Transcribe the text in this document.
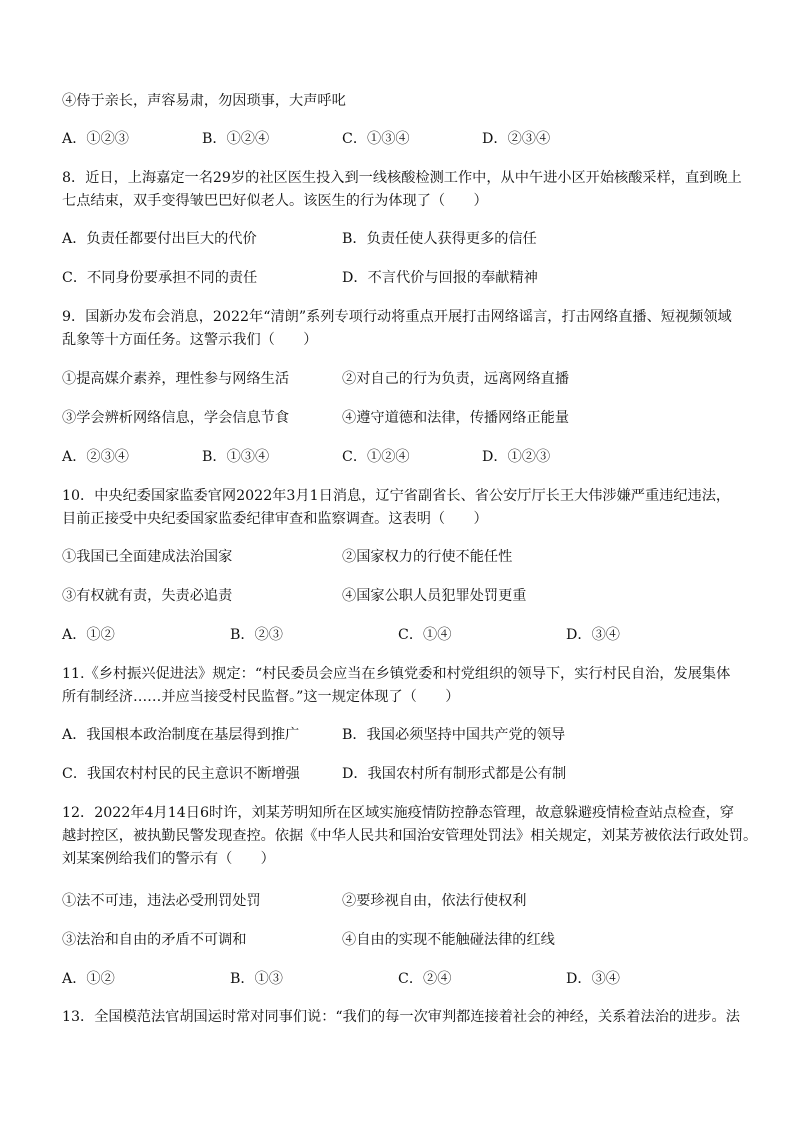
④侍于亲长，声容易肃，勿因琐事，大声呼叱
A．①②③	B．①②④	C．①③④	D．②③④
8．近日，上海嘉定一名29岁的社区医生投入到一线核酸检测工作中，从中午进小区开始核酸采样，直到晚上
七点结束，双手变得皱巴巴好似老人。该医生的行为体现了（　　）
A．负责任都要付出巨大的代价	B．负责任使人获得更多的信任
C．不同身份要承担不同的责任	D．不言代价与回报的奉献精神
9．国新办发布会消息，2022年“清朗”系列专项行动将重点开展打击网络谣言，打击网络直播、短视频领域
乱象等十方面任务。这警示我们（　　）
①提高媒介素养，理性参与网络生活	②对自己的行为负责，远离网络直播
③学会辨析网络信息，学会信息节食	④遵守道德和法律，传播网络正能量
A．②③④	B．①③④	C．①②④	D．①②③
10．中央纪委国家监委官网2022年3月1日消息，辽宁省副省长、省公安厅厅长王大伟涉嫌严重违纪违法，
目前正接受中央纪委国家监委纪律审查和监察调查。这表明（　　）
①我国已全面建成法治国家	②国家权力的行使不能任性
③有权就有责，失责必追责	④国家公职人员犯罪处罚更重
A．①②	B．②③	C．①④	D．③④
11.《乡村振兴促进法》规定：“村民委员会应当在乡镇党委和村党组织的领导下，实行村民自治，发展集体
所有制经济……并应当接受村民监督。”这一规定体现了（　　）
A．我国根本政治制度在基层得到推广	B．我国必须坚持中国共产党的领导
C．我国农村村民的民主意识不断增强	D．我国农村所有制形式都是公有制
12．2022年4月14日6时许，刘某芳明知所在区域实施疫情防控静态管理，故意躲避疫情检查站点检查，穿
越封控区，被执勤民警发现查控。依据《中华人民共和国治安管理处罚法》相关规定，刘某芳被依法行政处罚。
刘某案例给我们的警示有（　　）
①法不可违，违法必受刑罚处罚	②要珍视自由，依法行使权利
③法治和自由的矛盾不可调和	④自由的实现不能触碰法律的红线
A．①②	B．①③	C．②④	D．③④
13．全国模范法官胡国运时常对同事们说：“我们的每一次审判都连接着社会的神经，关系着法治的进步。法
